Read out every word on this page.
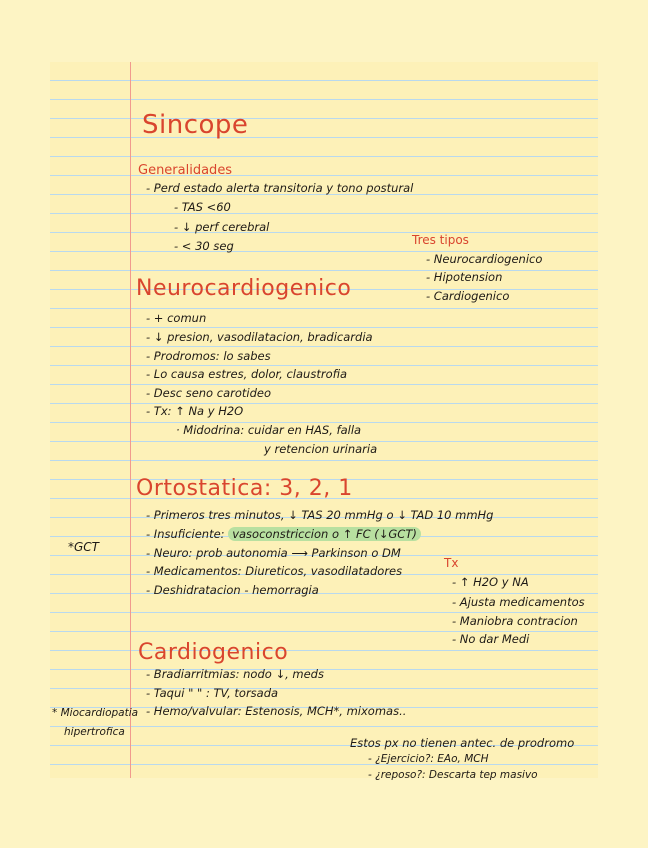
Sincope
Generalidades
- Perd estado alerta transitoria y tono postural
- TAS <60
- ↓ perf cerebral
- < 30 seg	Tres tipos
- Neurocardiogenico
- Hipotension
- Cardiogenico
Neurocardiogenico
- + comun
- ↓ presion, vasodilatacion, bradicardia
- Prodromos: lo sabes
- Lo causa estres, dolor, claustrofia
- Desc seno carotideo
- Tx: ↑ Na y H2O
· Midodrina: cuidar en HAS, falla
y retencion urinaria
Ortostatica: 3, 2, 1
- Primeros tres minutos, ↓ TAS 20 mmHg o ↓ TAD 10 mmHg
- Insuficiente: vasoconstriccion o ↑ FC (↓GCT)
- Neuro: prob autonomia ⟶ Parkinson o DM
- Medicamentos: Diureticos, vasodilatadores
- Deshidratacion - hemorragia
*GCT
Tx
- ↑ H2O y NA
- Ajusta medicamentos
- Maniobra contracion
- No dar Medi
Cardiogenico
- Bradiarritmias: nodo ↓, meds
- Taqui " " : TV, torsada
- Hemo/valvular: Estenosis, MCH*, mixomas..
* Miocardiopatia
hipertrofica
Estos px no tienen antec. de prodromo
- ¿Ejercicio?: EAo, MCH
- ¿reposo?: Descarta tep masivo
